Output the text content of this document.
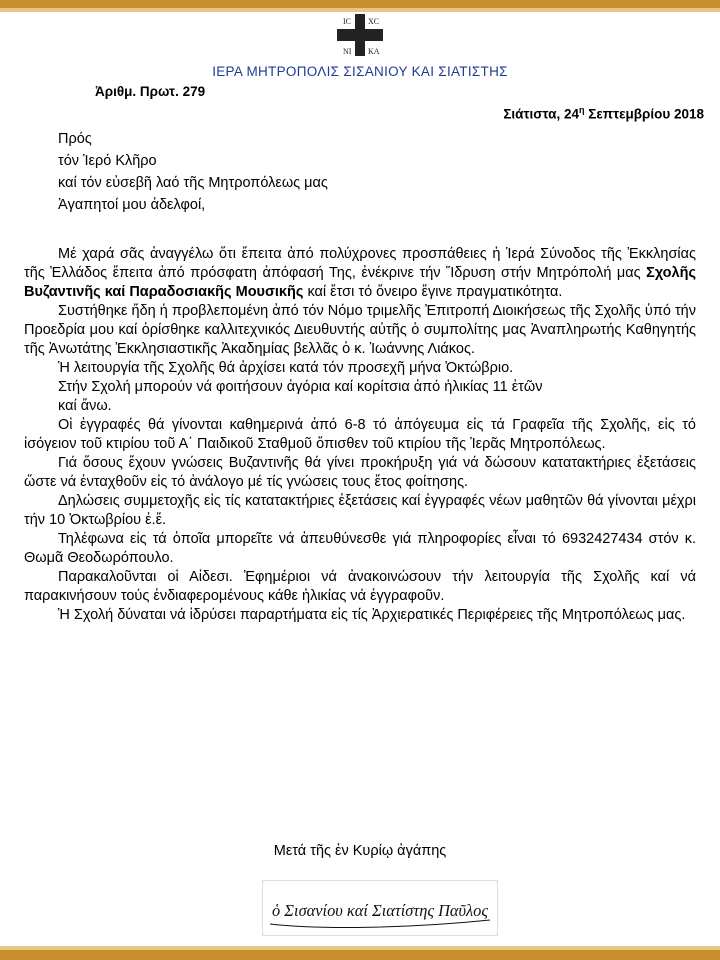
IC XC
NI KA
ΙΕΡΑ ΜΗΤΡΟΠΟΛΙΣ ΣΙΣΑΝΙΟΥ ΚΑΙ ΣΙΑΤΙΣΤΗΣ
Ἀριθμ. Πρωτ. 279
Σιάτιστα, $24^\eta$ Σεπτεμβρίου 2018
Πρός
τόν Ἱερό Κλῆρο
καί τόν εὐσεβῆ λαό τῆς Μητροπόλεως μας
Ἀγαπητοί μου ἀδελφοί,

Μέ χαρά σᾶς ἀναγγέλω ὅτι ἔπειτα ἀπό πολύχρονες προσπάθειες ἡ Ἱερά Σύνοδος τῆς Ἐκκλησίας τῆς Ἑλλάδος ἔπειτα ἀπό πρόσφατη ἀπόφασή Της, ἐνέκρινε τήν Ἵδρυση στήν Μητρόπολή μας Σχολῆς Βυζαντινῆς καί Παραδοσιακῆς Μουσικῆς καί ἔτσι τό ὄνειρο ἔγινε πραγματικότητα.

Συστήθηκε ἤδη ἡ προβλεπομένη ἀπό τόν Νόμο τριμελῆς Ἐπιτροπή Διοικήσεως τῆς Σχολῆς ὑπό τήν Προεδρία μου καί ὁρίσθηκε καλλιτεχνικός Διευθυντής αὐτῆς ὁ συμπολίτης μας Ἀναπληρωτής Καθηγητής τῆς Ἀνωτάτης Ἐκκλησιαστικῆς Ἀκαδημίας βελλᾶς ὁ κ. Ἰωάννης Λιάκος.

Ἡ λειτουργία τῆς Σχολῆς θά ἀρχίσει κατά τόν προσεχῆ μήνα Ὀκτώβριο.

Στήν Σχολή μπορούν νά φοιτήσουν ἀγόρια καί κορίτσια ἀπό ἡλικίας 11 ἐτῶν

καί ἄνω.

Οἱ ἐγγραφές θά γίνονται καθημερινά ἀπό 6-8 τό ἀπόγευμα εἰς τά Γραφεῖα τῆς Σχολῆς, εἰς τό ἰσόγειον τοῦ κτιρίου τοῦ Α΄ Παιδικοῦ Σταθμοῦ ὄπισθεν τοῦ κτιρίου τῆς Ἱερᾶς Μητροπόλεως.

Γιά ὅσους ἔχουν γνώσεις Βυζαντινῆς θά γίνει προκήρυξη γιά νά δώσουν κατατακτήριες ἐξετάσεις ὥστε νά ἐνταχθοῦν εἰς τό ἀνάλογο μέ τίς γνώσεις τους ἔτος φοίτησης.

Δηλώσεις συμμετοχῆς εἰς τίς κατατακτήριες ἐξετάσεις καί ἐγγραφές νέων μαθητῶν θά γίνονται μέχρι τήν 10 Ὀκτωβρίου ἐ.ἔ.

Τηλέφωνα εἰς τά ὁποῖα μπορεῖτε νά ἀπευθύνεσθε γιά πληροφορίες εἶναι τό 6932427434 στόν κ. Θωμᾶ Θεοδωρόπουλο.

Παρακαλοῦνται οἱ Αἰδεσι. Ἐφημέριοι νά ἀνακοινώσουν τήν λειτουργία τῆς Σχολῆς καί νά παρακινήσουν τούς ἐνδιαφερομένους κάθε ἡλικίας νά ἐγγραφοῦν.

Ἡ Σχολή δύναται νά ἱδρύσει παραρτήματα εἰς τίς Ἀρχιερατικές Περιφέρειες τῆς Μητροπόλεως μας.

Μετά τῆς ἐν Κυρίῳ ἀγάπης
ὁ Σισανίου καί Σιατίστης Παῦλος
